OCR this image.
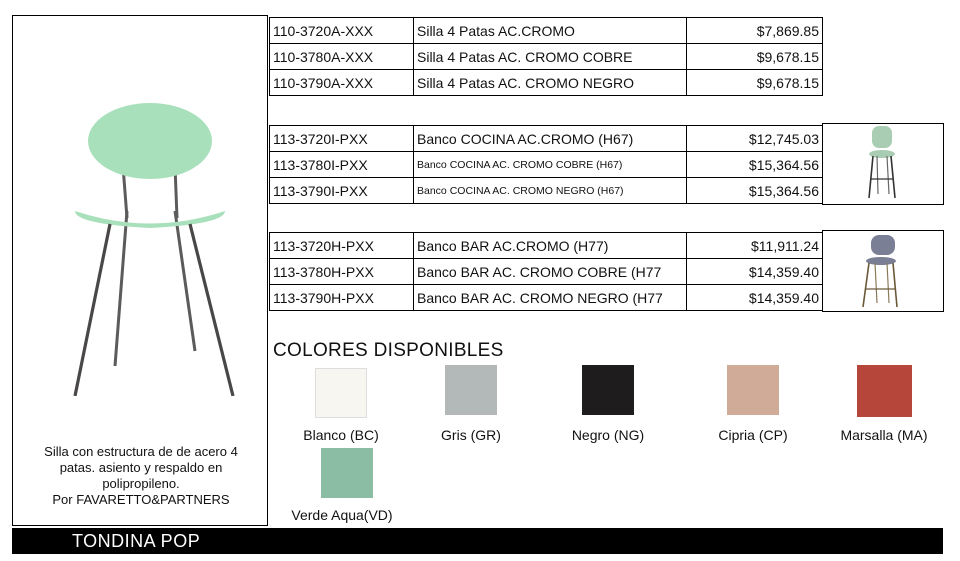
Silla con estructura de de acero 4
patas. asiento y respaldo en
polipropileno.
Por FAVARETTO&PARTNERS
110-3720A-XXX	Silla 4 Patas AC.CROMO	$7,869.85
110-3780A-XXX	Silla 4 Patas AC. CROMO COBRE	$9,678.15
110-3790A-XXX	Silla 4 Patas AC. CROMO NEGRO	$9,678.15
113-3720I-PXX	Banco COCINA AC.CROMO (H67)	$12,745.03
113-3780I-PXX	Banco COCINA AC. CROMO COBRE (H67)	$15,364.56
113-3790I-PXX	Banco COCINA AC. CROMO NEGRO (H67)	$15,364.56
113-3720H-PXX	Banco BAR AC.CROMO (H77)	$11,911.24
113-3780H-PXX	Banco BAR AC. CROMO COBRE (H77	$14,359.40
113-3790H-PXX	Banco BAR AC. CROMO NEGRO (H77	$14,359.40
COLORES DISPONIBLES
Blanco (BC)	Gris (GR)	Negro (NG)	Cipria (CP)	Marsalla (MA)
Verde Aqua(VD)
TONDINA POP
